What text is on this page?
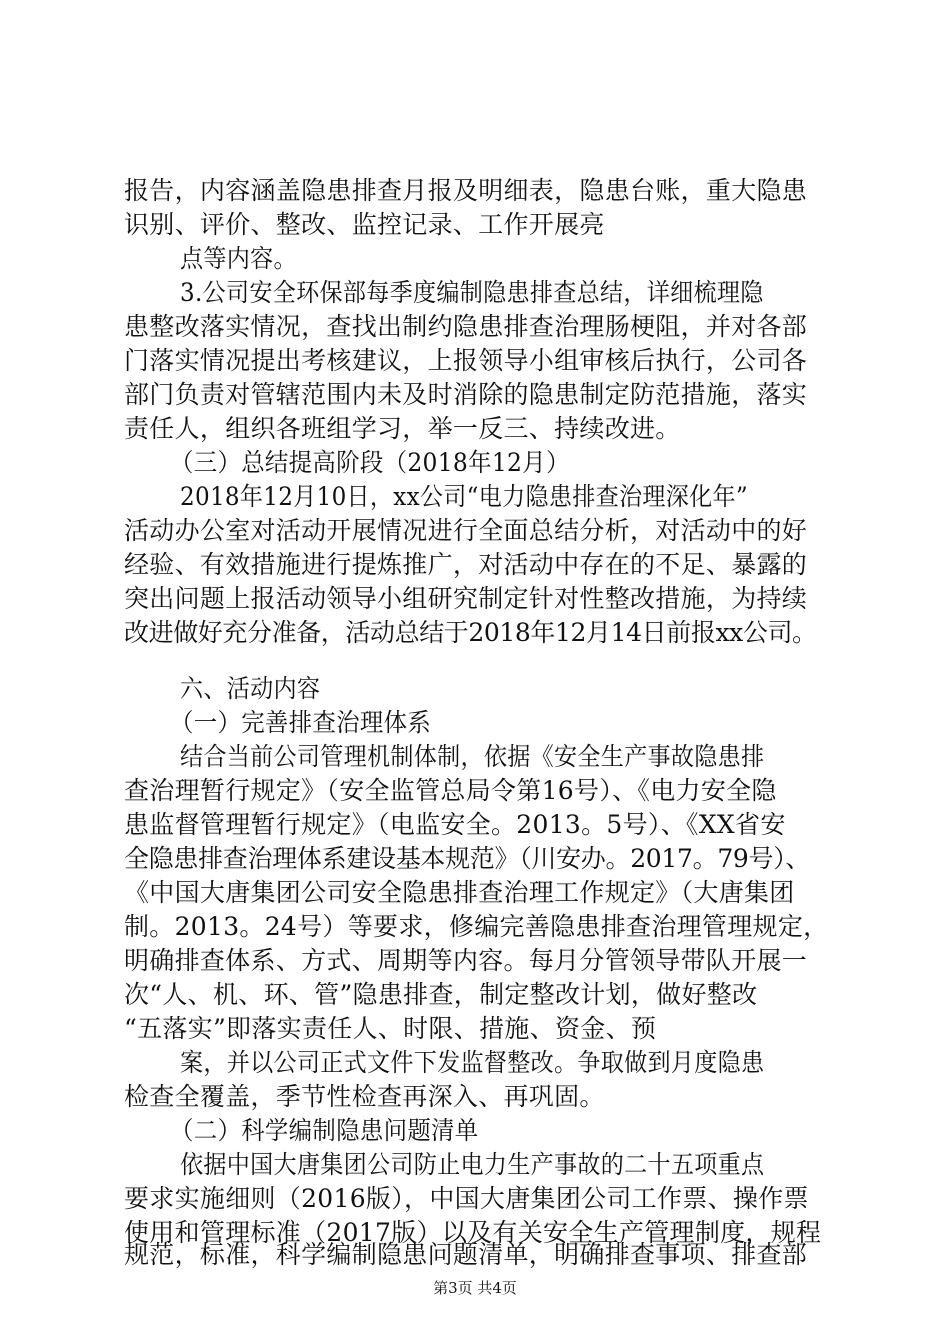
报告，内容涵盖隐患排查月报及明细表，隐患台账，重大隐患
识别、评价、整改、监控记录、工作开展亮
点等内容。
3.公司安全环保部每季度编制隐患排查总结，详细梳理隐
患整改落实情况，查找出制约隐患排查治理肠梗阻，并对各部
门落实情况提出考核建议，上报领导小组审核后执行，公司各
部门负责对管辖范围内未及时消除的隐患制定防范措施，落实
责任人，组织各班组学习，举一反三、持续改进。
（三）总结提高阶段（2018年12月）
2018年12月10日，xx公司“电力隐患排查治理深化年”
活动办公室对活动开展情况进行全面总结分析，对活动中的好
经验、有效措施进行提炼推广，对活动中存在的不足、暴露的
突出问题上报活动领导小组研究制定针对性整改措施，为持续
改进做好充分准备，活动总结于2018年12月14日前报xx公司。
六、活动内容
（一）完善排查治理体系
结合当前公司管理机制体制，依据《安全生产事故隐患排
查治理暂行规定》（安全监管总局令第16号）、《电力安全隐
患监督管理暂行规定》（电监安全。2013。5号）、《XX省安
全隐患排查治理体系建设基本规范》（川安办。2017。79号）、
《中国大唐集团公司安全隐患排查治理工作规定》（大唐集团
制。2013。24号）等要求，修编完善隐患排查治理管理规定，
明确排查体系、方式、周期等内容。每月分管领导带队开展一
次“人、机、环、管”隐患排查，制定整改计划，做好整改
“五落实”即落实责任人、时限、措施、资金、预
案，并以公司正式文件下发监督整改。争取做到月度隐患
检查全覆盖，季节性检查再深入、再巩固。
（二）科学编制隐患问题清单
依据中国大唐集团公司防止电力生产事故的二十五项重点
要求实施细则（2016版），中国大唐集团公司工作票、操作票
使用和管理标准（2017版）以及有关安全生产管理制度，规程
规范，标准，科学编制隐患问题清单，明确排查事项、排查部
第3页 共4页
